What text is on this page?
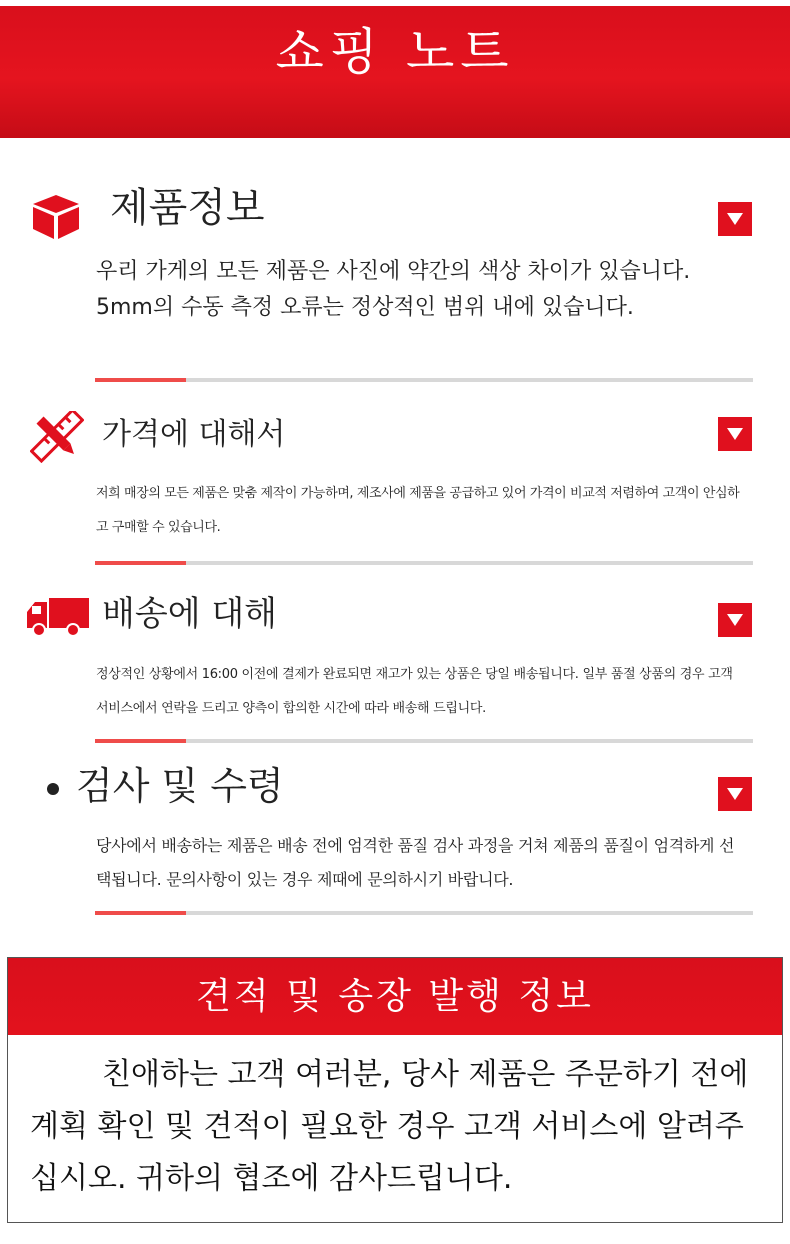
쇼핑 노트
제품정보
우리 가게의 모든 제품은 사진에 약간의 색상 차이가 있습니다. 5mm의 수동 측정 오류는 정상적인 범위 내에 있습니다.
가격에 대해서
저희 매장의 모든 제품은 맞춤 제작이 가능하며, 제조사에 제품을 공급하고 있어 가격이 비교적 저렴하여 고객이 안심하고 구매할 수 있습니다.
배송에 대해
정상적인 상황에서 16:00 이전에 결제가 완료되면 재고가 있는 상품은 당일 배송됩니다. 일부 품절 상품의 경우 고객 서비스에서 연락을 드리고 양측이 합의한 시간에 따라 배송해 드립니다.
검사 및 수령
당사에서 배송하는 제품은 배송 전에 엄격한 품질 검사 과정을 거쳐 제품의 품질이 엄격하게 선택됩니다. 문의사항이 있는 경우 제때에 문의하시기 바랍니다.
견적 및 송장 발행 정보

친애하는 고객 여러분, 당사 제품은 주문하기 전에 계획 확인 및 견적이 필요한 경우 고객 서비스에 알려주십시오. 귀하의 협조에 감사드립니다.
